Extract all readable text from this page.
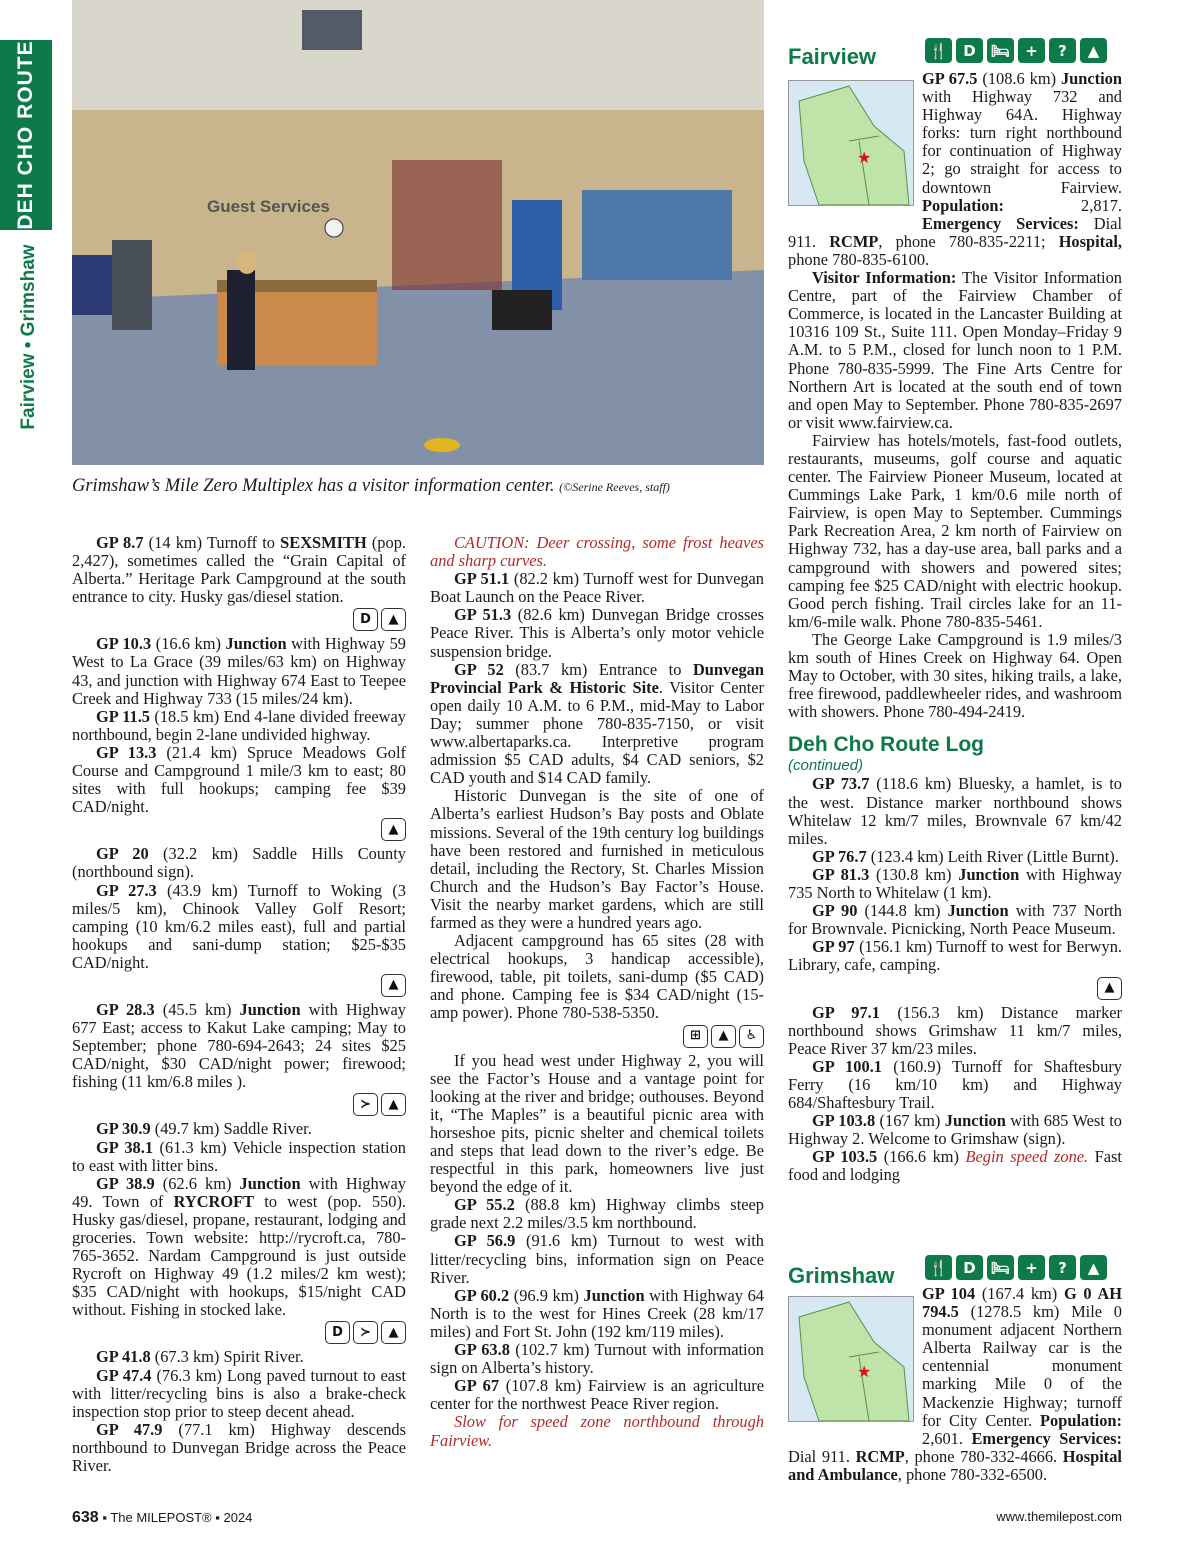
DEH CHO ROUTE
Fairview • Grimshaw
Guest Services
Grimshaw’s Mile Zero Multiplex has a visitor information center. (©Serine Reeves, staff)

GP 8.7 (14 km) Turnoff to SEXSMITH (pop. 2,427), sometimes called the “Grain Capital of Alberta.” Heritage Park Campground at the south entrance to city. Husky gas/diesel station.

D	▲

GP 10.3 (16.6 km) Junction with Highway 59 West to La Grace (39 miles/63 km) on Highway 43, and junction with Highway 674 East to Teepee Creek and Highway 733 (15 miles/24 km).

GP 11.5 (18.5 km) End 4-lane divided freeway northbound, begin 2-lane undivided highway.

GP 13.3 (21.4 km) Spruce Meadows Golf Course and Campground 1 mile/3 km to east; 80 sites with full hookups; camping fee $39 CAD/night.

▲

GP 20 (32.2 km) Saddle Hills County (northbound sign).

GP 27.3 (43.9 km) Turnoff to Woking (3 miles/5 km), Chinook Valley Golf Resort; camping (10 km/6.2 miles east), full and partial hookups and sani-dump station; $25-$35 CAD/night.

▲

GP 28.3 (45.5 km) Junction with Highway 677 East; access to Kakut Lake camping; May to September; phone 780-694-2643; 24 sites $25 CAD/night, $30 CAD/night power; firewood; fishing (11 km/6.8 miles ).

≻	▲

GP 30.9 (49.7 km) Saddle River.

GP 38.1 (61.3 km) Vehicle inspection station to east with litter bins.

GP 38.9 (62.6 km) Junction with Highway 49. Town of RYCROFT to west (pop. 550). Husky gas/diesel, propane, restaurant, lodging and groceries. Town website: http://rycroft.ca, 780-765-3652. Nardam Campground is just outside Rycroft on Highway 49 (1.2 miles/2 km west); $35 CAD/night with hookups, $15/night CAD without. Fishing in stocked lake.

D	≻	▲

GP 41.8 (67.3 km) Spirit River.

GP 47.4 (76.3 km) Long paved turnout to east with litter/recycling bins is also a brake-check inspection stop prior to steep decent ahead.

GP 47.9 (77.1 km) Highway descends northbound to Dunvegan Bridge across the Peace River.

CAUTION: Deer crossing, some frost heaves and sharp curves.

GP 51.1 (82.2 km) Turnoff west for Dunvegan Boat Launch on the Peace River.

GP 51.3 (82.6 km) Dunvegan Bridge crosses Peace River. This is Alberta’s only motor vehicle suspension bridge.

GP 52 (83.7 km) Entrance to Dunvegan Provincial Park & Historic Site. Visitor Center open daily 10 A.M. to 6 P.M., mid-May to Labor Day; summer phone 780-835-7150, or visit www.albertaparks.ca. Interpretive program admission $5 CAD adults, $4 CAD seniors, $2 CAD youth and $14 CAD family.

Historic Dunvegan is the site of one of Alberta’s earliest Hudson’s Bay posts and Oblate missions. Several of the 19th century log buildings have been restored and furnished in meticulous detail, including the Rectory, St. Charles Mission Church and the Hudson’s Bay Factor’s House. Visit the nearby market gardens, which are still farmed as they were a hundred years ago.

Adjacent campground has 65 sites (28 with electrical hookups, 3 handicap accessible), firewood, table, pit toilets, sani-dump ($5 CAD) and phone. Camping fee is $34 CAD/night (15-amp power). Phone 780-538-5350.

⊞	▲	♿

If you head west under Highway 2, you will see the Factor’s House and a vantage point for looking at the river and bridge; outhouses. Beyond it, “The Maples” is a beautiful picnic area with horseshoe pits, picnic shelter and chemical toilets and steps that lead down to the river’s edge. Be respectful in this park, homeowners live just beyond the edge of it.

GP 55.2 (88.8 km) Highway climbs steep grade next 2.2 miles/3.5 km northbound.

GP 56.9 (91.6 km) Turnout to west with litter/recycling bins, information sign on Peace River.

GP 60.2 (96.9 km) Junction with Highway 64 North is to the west for Hines Creek (28 km/17 miles) and Fort St. John (192 km/119 miles).

GP 63.8 (102.7 km) Turnout with information sign on Alberta’s history.

GP 67 (107.8 km) Fairview is an agriculture center for the northwest Peace River region.

Slow for speed zone northbound through Fairview.

Fairview	🍴	D	🛏	+	?	▲
★

GP 67.5 (108.6 km) Junction with Highway 732 and Highway 64A. Highway forks: turn right northbound for continuation of Highway 2; go straight for access to downtown Fairview. Population: 2,817. Emergency Services: Dial 911. RCMP, phone 780-835-2211; Hospital, phone 780-835-6100.

Visitor Information: The Visitor Information Centre, part of the Fairview Chamber of Commerce, is located in the Lancaster Building at 10316 109 St., Suite 111. Open Monday–Friday 9 A.M. to 5 P.M., closed for lunch noon to 1 P.M. Phone 780-835-5999. The Fine Arts Centre for Northern Art is located at the south end of town and open May to September. Phone 780-835-2697 or visit www.fairview.ca.

Fairview has hotels/motels, fast-food outlets, restaurants, museums, golf course and aquatic center. The Fairview Pioneer Museum, located at Cummings Lake Park, 1 km/0.6 mile north of Fairview, is open May to September. Cummings Park Recreation Area, 2 km north of Fairview on Highway 732, has a day-use area, ball parks and a campground with showers and powered sites; camping fee $25 CAD/night with electric hookup. Good perch fishing. Trail circles lake for an 11-km/6-mile walk. Phone 780-835-5461.

The George Lake Campground is 1.9 miles/3 km south of Hines Creek on Highway 64. Open May to October, with 30 sites, hiking trails, a lake, free firewood, paddlewheeler rides, and washroom with showers. Phone 780-494-2419.

Deh Cho Route Log
(continued)

GP 73.7 (118.6 km) Bluesky, a hamlet, is to the west. Distance marker northbound shows Whitelaw 12 km/7 miles, Brownvale 67 km/42 miles.

GP 76.7 (123.4 km) Leith River (Little Burnt).

GP 81.3 (130.8 km) Junction with Highway 735 North to Whitelaw (1 km).

GP 90 (144.8 km) Junction with 737 North for Brownvale. Picnicking, North Peace Museum.

GP 97 (156.1 km) Turnoff to west for Berwyn. Library, cafe, camping.

▲

GP 97.1 (156.3 km) Distance marker northbound shows Grimshaw 11 km/7 miles, Peace River 37 km/23 miles.

GP 100.1 (160.9) Turnoff for Shaftesbury Ferry (16 km/10 km) and Highway 684/Shaftesbury Trail.

GP 103.8 (167 km) Junction with 685 West to Highway 2. Welcome to Grimshaw (sign).

GP 103.5 (166.6 km) Begin speed zone. Fast food and lodging

Grimshaw 🍴	D	🛏	+	?	▲
★

GP 104 (167.4 km) G 0 AH 794.5 (1278.5 km) Mile 0 monument adjacent Northern Alberta Railway car is the centennial monument marking Mile 0 of the Mackenzie Highway; turnoff for City Center. Population: 2,601. Emergency Services: Dial 911. RCMP, phone 780-332-4666. Hospital and Ambulance, phone 780-332-6500.

638 ▪ The MILEPOST® ▪ 2024	www.themilepost.com
